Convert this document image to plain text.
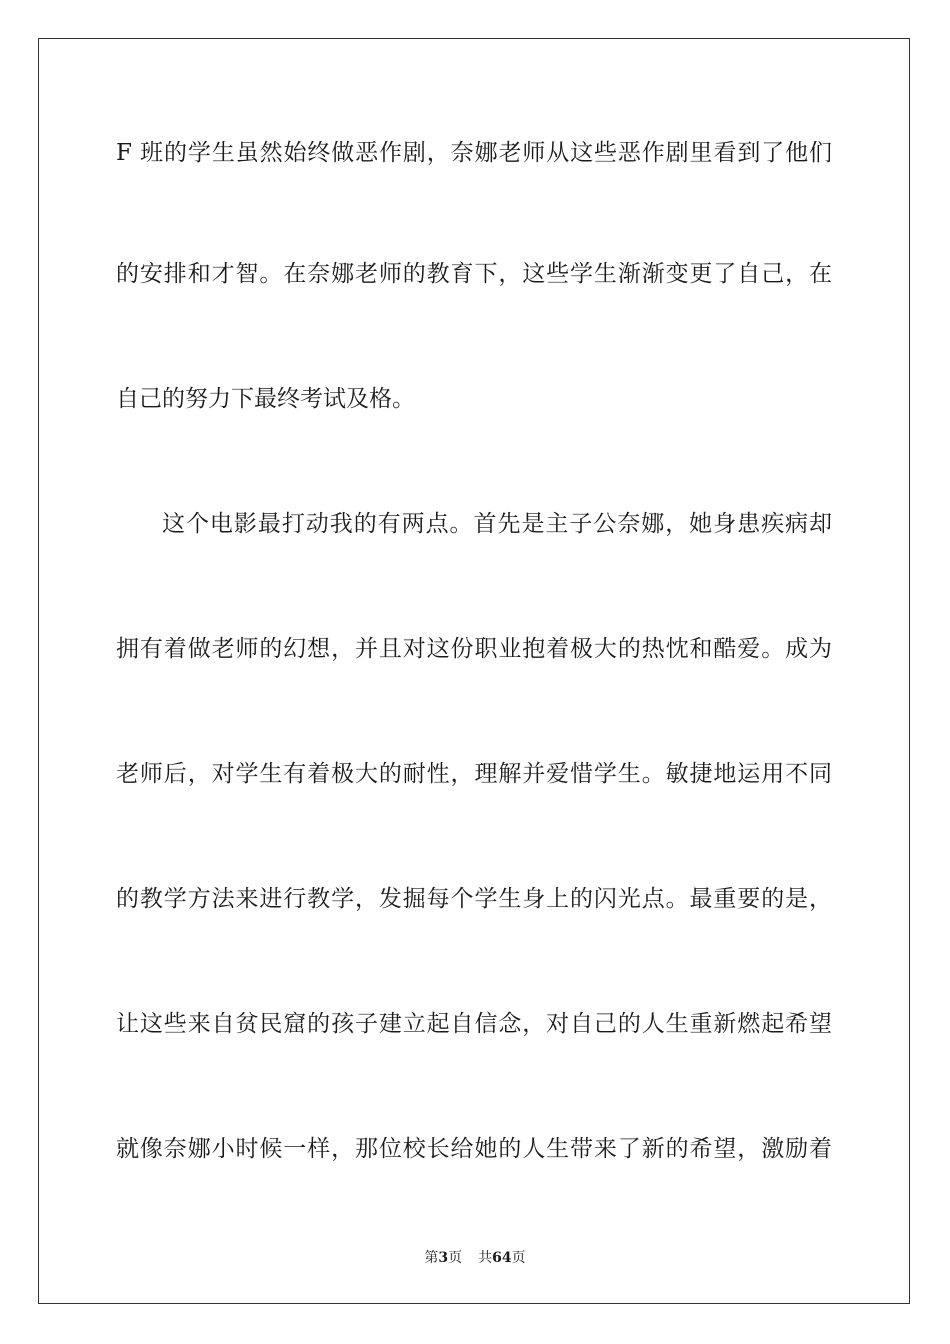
F 班的学生虽然始终做恶作剧，奈娜老师从这些恶作剧里看到了他们
的安排和才智。在奈娜老师的教育下，这些学生渐渐变更了自己，在
自己的努力下最终考试及格。
这个电影最打动我的有两点。首先是主子公奈娜，她身患疾病却
拥有着做老师的幻想，并且对这份职业抱着极大的热忱和酷爱。成为
老师后，对学生有着极大的耐性，理解并爱惜学生。敏捷地运用不同
的教学方法来进行教学，发掘每个学生身上的闪光点。最重要的是，
让这些来自贫民窟的孩子建立起自信念，对自己的人生重新燃起希望
就像奈娜小时候一样，那位校长给她的人生带来了新的希望，激励着
第3页 共64页
